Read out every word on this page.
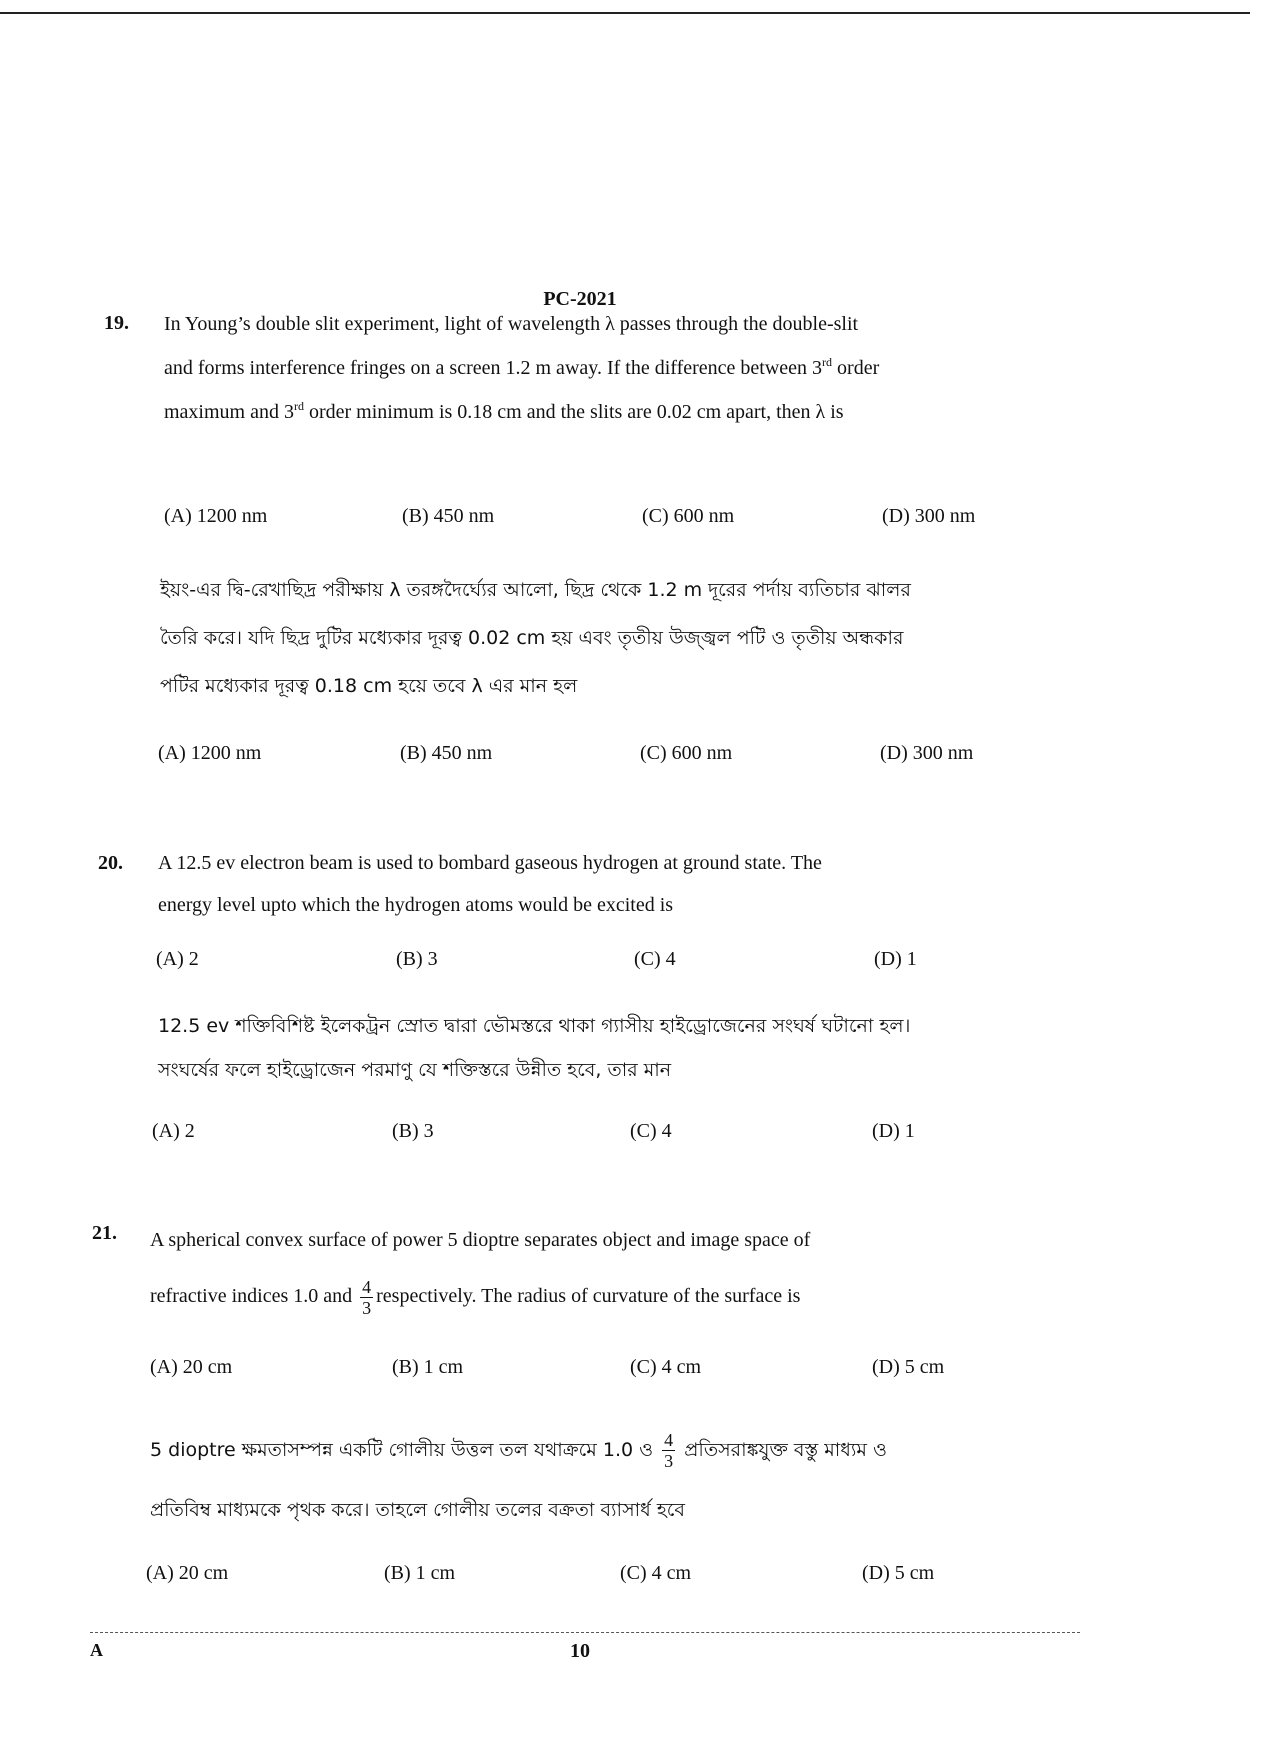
PC-2021
19. In Young’s double slit experiment, light of wavelength λ passes through the double-slit
and forms interference fringes on a screen 1.2 m away. If the difference between 3rd order
maximum and 3rd order minimum is 0.18 cm and the slits are 0.02 cm apart, then λ is
(A) 1200 nm	(B) 450 nm	(C) 600 nm	(D) 300 nm
ইয়ং-এর দ্বি-রেখাছিদ্র পরীক্ষায় λ তরঙ্গদৈর্ঘ্যের আলো, ছিদ্র থেকে 1.2 m দূরের পর্দায় ব্যতিচার ঝালর
তৈরি করে। যদি ছিদ্র দুটির মধ্যেকার দূরত্ব 0.02 cm হয় এবং তৃতীয় উজ্জ্বল পটি ও তৃতীয় অন্ধকার
পটির মধ্যেকার দূরত্ব 0.18 cm হয়ে তবে λ এর মান হল
(A) 1200 nm	(B) 450 nm	(C) 600 nm	(D) 300 nm
20. A 12.5 ev electron beam is used to bombard gaseous hydrogen at ground state. The
energy level upto which the hydrogen atoms would be excited is
(A) 2	(B) 3	(C) 4	(D) 1
12.5 ev শক্তিবিশিষ্ট ইলেকট্রন স্রোত দ্বারা ভৌমস্তরে থাকা গ্যাসীয় হাইড্রোজেনের সংঘর্ষ ঘটানো হল।
সংঘর্ষের ফলে হাইড্রোজেন পরমাণু যে শক্তিস্তরে উন্নীত হবে, তার মান
(A) 2	(B) 3	(C) 4	(D) 1
21. A spherical convex surface of power 5 dioptre separates object and image space of
refractive indices 1.0 and $\frac{4}{3}$ respectively. The radius of curvature of the surface is
(A) 20 cm	(B) 1 cm	(C) 4 cm	(D) 5 cm
5 dioptre ক্ষমতাসম্পন্ন একটি গোলীয় উত্তল তল যথাক্রমে 1.0 ও $\frac{4}{3}$ প্রতিসরাঙ্কযুক্ত বস্তু মাধ্যম ও
প্রতিবিম্ব মাধ্যমকে পৃথক করে। তাহলে গোলীয় তলের বক্রতা ব্যাসার্ধ হবে
(A) 20 cm	(B) 1 cm	(C) 4 cm	(D) 5 cm
A	10
